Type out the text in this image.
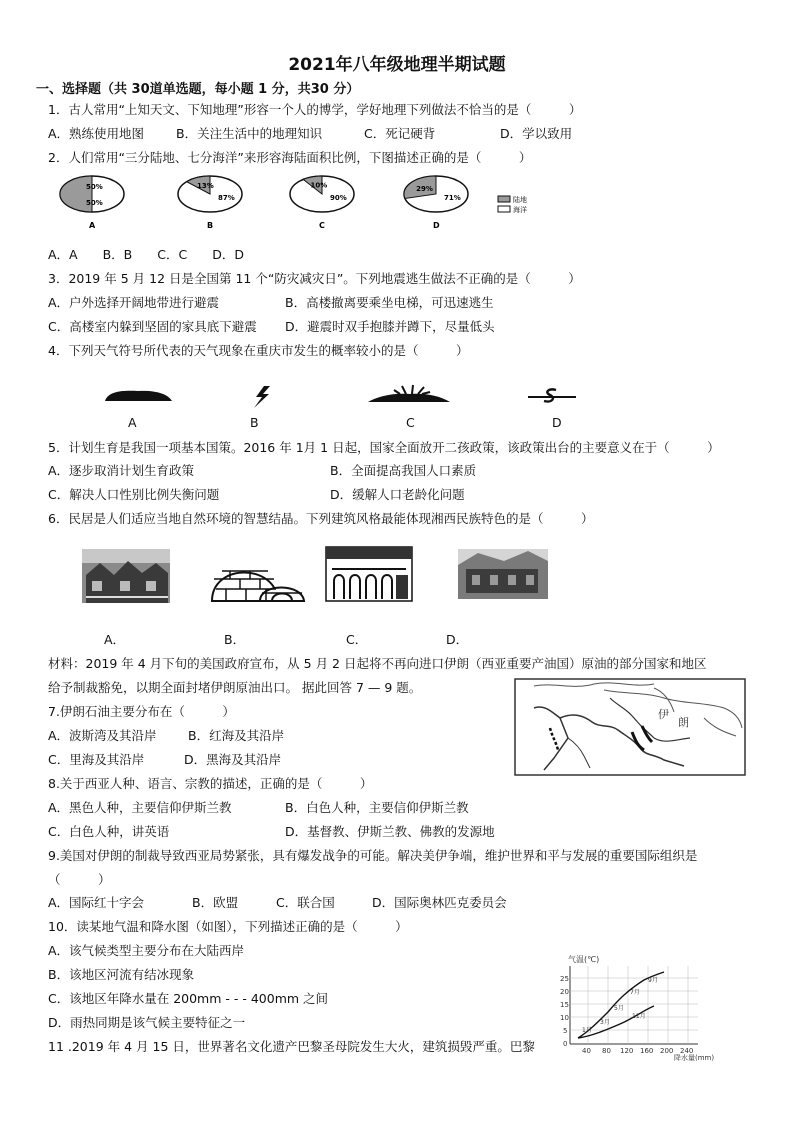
2021年八年级地理半期试题
一、选择题（共 30道单选题，每小题 1 分，共30 分）
1．古人常用“上知天文、下知地理”形容一个人的博学，学好地理下列做法不恰当的是（　　　）
A．熟练使用地图	B．关注生活中的地理知识	C．死记硬背	D．学以致用
2．人们常用“三分陆地、七分海洋”来形容海陆面积比例，下图描述正确的是（　　　）
50%
50%
A
13%
87%
B
10%
90%
C
29%
71%
D
陆地
海洋
A．A　　B．B　　C．C　　D．D
3．2019 年 5 月 12 日是全国第 11 个“防灾减灾日”。下列地震逃生做法不正确的是（　　　）
A．户外选择开阔地带进行避震	B．高楼撤离要乘坐电梯，可迅速逃生
C．高楼室内躲到坚固的家具底下避震 D．避震时双手抱膝并蹲下，尽量低头
4．下列天气符号所代表的天气现象在重庆市发生的概率较小的是（　　　）
A	B	C	D
5．计划生育是我国一项基本国策。2016 年 1月 1 日起，国家全面放开二孩政策，该政策出台的主要意义在于（　　　）
A．逐步取消计划生育政策	B．全面提高我国人口素质
C．解决人口性别比例失衡问题	D．缓解人口老龄化问题
6．民居是人们适应当地自然环境的智慧结晶。下列建筑风格最能体现湘西民族特色的是（　　　）
A．	B．	C．	D．
材料：2019 年 4 月下旬的美国政府宣布，从 5 月 2 日起将不再向进口伊朗（西亚重要产油国）原油的部分国家和地区
给予制裁豁免，以期全面封堵伊朗原油出口。 据此回答 7 — 9 题。
伊
朗
7.伊朗石油主要分布在（　　　）
A．波斯湾及其沿岸	B．红海及其沿岸
C．里海及其沿岸	D．黑海及其沿岸
8.关于西亚人种、语言、宗教的描述，正确的是（　　　）
A．黑色人种，主要信仰伊斯兰教	B．白色人种，主要信仰伊斯兰教
C．白色人种，讲英语	D．基督教、伊斯兰教、佛教的发源地
9.美国对伊朗的制裁导致西亚局势紧张，具有爆发战争的可能。解决美伊争端，维护世界和平与发展的重要国际组织是
（　　　）
A．国际红十字会	B．欧盟	C．联合国	D．国际奥林匹克委员会
10．读某地气温和降水图（如图），下列描述正确的是（　　　）
A．该气候类型主要分布在大陆西岸
B．该地区河流有结冰现象
C．该地区年降水量在 200mm - - - 400mm 之间
D．雨热同期是该气候主要特征之一
气温(℃)
25
20
15
10
5
0
40 80 120 160 200 240
降水量(mm)
1月
3月
5月
7月
9月
11月
11 .2019 年 4 月 15 日，世界著名文化遗产巴黎圣母院发生大火，建筑损毁严重。巴黎
